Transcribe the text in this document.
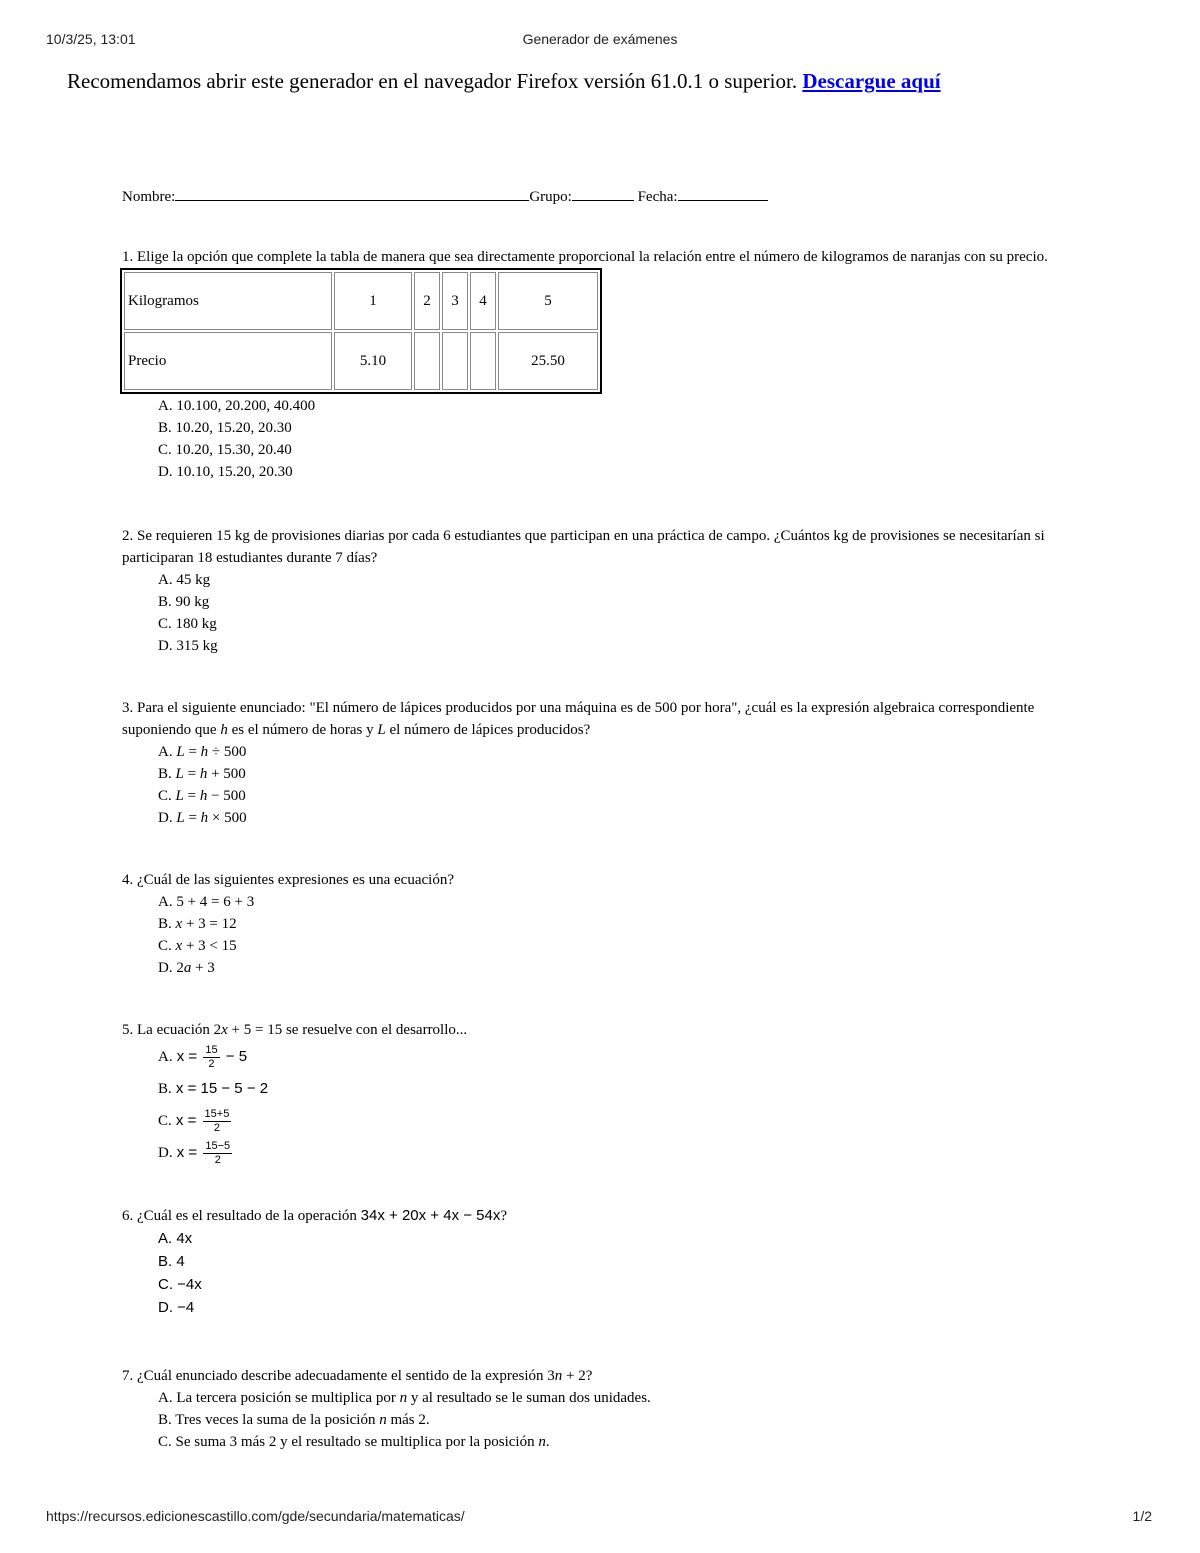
10/3/25, 13:01	Generador de exámenes
Recomendamos abrir este generador en el navegador Firefox versión 61.0.1 o superior. Descargue aquí
Nombre:	Grupo:	Fecha:
1. Elige la opción que complete la tabla de manera que sea directamente proporcional la relación entre el número de kilogramos de naranjas con su precio.
Kilogramos	1	2	3	4	5
Precio	5.10				25.50
A. 10.100, 20.200, 40.400
B. 10.20, 15.20, 20.30
C. 10.20, 15.30, 20.40
D. 10.10, 15.20, 20.30
2. Se requieren 15 kg de provisiones diarias por cada 6 estudiantes que participan en una práctica de campo. ¿Cuántos kg de provisiones se necesitarían si participaran 18 estudiantes durante 7 días?
A. 45 kg
B. 90 kg
C. 180 kg
D. 315 kg
3. Para el siguiente enunciado: "El número de lápices producidos por una máquina es de 500 por hora", ¿cuál es la expresión algebraica correspondiente suponiendo que h es el número de horas y L el número de lápices producidos?
A. L = h ÷ 500
B. L = h + 500
C. L = h − 500
D. L = h × 500
4. ¿Cuál de las siguientes expresiones es una ecuación?
A. 5 + 4 = 6 + 3
B. x + 3 = 12
C. x + 3 < 15
D. 2a + 3
5. La ecuación 2x + 5 = 15 se resuelve con el desarrollo...
A. $x = \frac{15}{2} - 5$
B. x = 15 − 5 − 2
C. $x = \frac{15+5}{2}$
D. $x = \frac{15-5}{2}$
6. ¿Cuál es el resultado de la operación 34x + 20x + 4x − 54x?
A. 4x
B. 4
C. −4x
D. −4
7. ¿Cuál enunciado describe adecuadamente el sentido de la expresión 3n + 2?
A. La tercera posición se multiplica por n y al resultado se le suman dos unidades.
B. Tres veces la suma de la posición n más 2.
C. Se suma 3 más 2 y el resultado se multiplica por la posición n.
https://recursos.edicionescastillo.com/gde/secundaria/matematicas/	1/2
